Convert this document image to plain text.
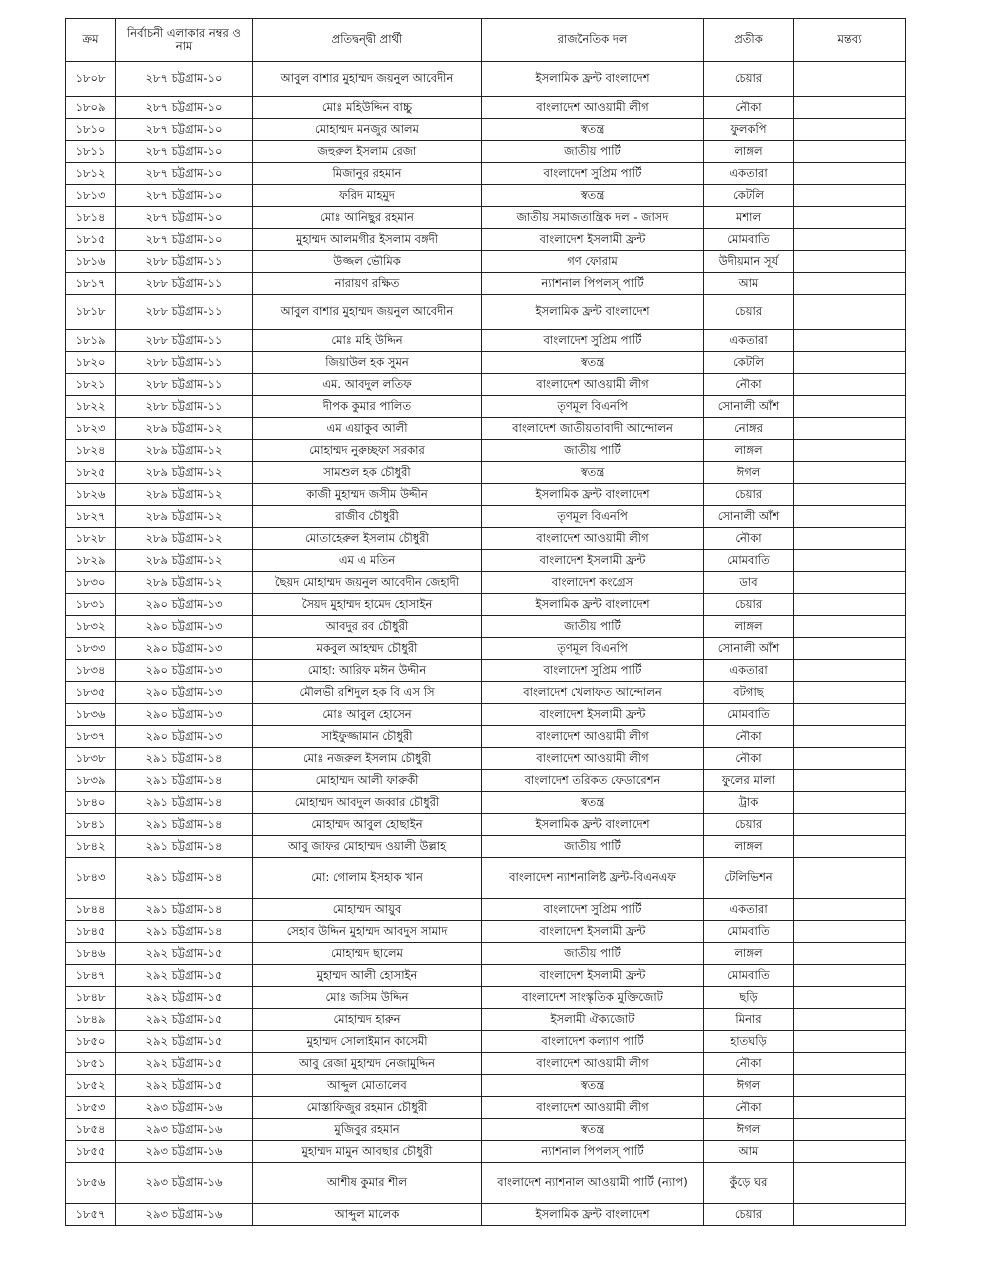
ক্রম	নির্বাচনী এলাকার নম্বর ও নাম	প্রতিদ্বন্দ্বী প্রার্থী	রাজনৈতিক দল	প্রতীক	মন্তব্য
১৮০৮	২৮৭ চট্টগ্রাম-১০	আবুল বাশার মুহাম্মদ জয়নুল আবেদীন	ইসলামিক ফ্রন্ট বাংলাদেশ	চেয়ার	
১৮০৯	২৮৭ চট্টগ্রাম-১০	মোঃ মহিউদ্দিন বাচ্চু	বাংলাদেশ আওয়ামী লীগ	নৌকা	
১৮১০	২৮৭ চট্টগ্রাম-১০	মোহাম্মদ মনজুর আলম	স্বতন্ত্র	ফুলকপি	
১৮১১	২৮৭ চট্টগ্রাম-১০	জহুরুল ইসলাম রেজা	জাতীয় পার্টি	লাঙ্গল	
১৮১২	২৮৭ চট্টগ্রাম-১০	মিজানুর রহমান	বাংলাদেশ সুপ্রিম পার্টি	একতারা	
১৮১৩	২৮৭ চট্টগ্রাম-১০	ফরিদ মাহমুদ	স্বতন্ত্র	কেটলি	
১৮১৪	২৮৭ চট্টগ্রাম-১০	মোঃ আনিছুর রহমান	জাতীয় সমাজতান্ত্রিক দল - জাসদ	মশাল	
১৮১৫	২৮৭ চট্টগ্রাম-১০	মুহাম্মদ আলমগীর ইসলাম বঙ্গদী	বাংলাদেশ ইসলামী ফ্রন্ট	মোমবাতি	
১৮১৬	২৮৮ চট্টগ্রাম-১১	উজ্জল ভৌমিক	গণ ফোরাম	উদীয়মান সূর্য	
১৮১৭	২৮৮ চট্টগ্রাম-১১	নারায়ণ রক্ষিত	ন্যাশনাল পিপলস্ পার্টি	আম	
১৮১৮	২৮৮ চট্টগ্রাম-১১	আবুল বাশার মুহাম্মদ জয়নুল আবেদীন	ইসলামিক ফ্রন্ট বাংলাদেশ	চেয়ার	
১৮১৯	২৮৮ চট্টগ্রাম-১১	মোঃ মহি উদ্দিন	বাংলাদেশ সুপ্রিম পার্টি	একতারা	
১৮২০	২৮৮ চট্টগ্রাম-১১	জিয়াউল হক সুমন	স্বতন্ত্র	কেটলি	
১৮২১	২৮৮ চট্টগ্রাম-১১	এম. আবদুল লতিফ	বাংলাদেশ আওয়ামী লীগ	নৌকা	
১৮২২	২৮৮ চট্টগ্রাম-১১	দীপক কুমার পালিত	তৃণমূল বিএনপি	সোনালী আঁশ	
১৮২৩	২৮৯ চট্টগ্রাম-১২	এম এয়াকুব আলী	বাংলাদেশ জাতীয়তাবাদী আন্দোলন	নোঙ্গর	
১৮২৪	২৮৯ চট্টগ্রাম-১২	মোহাম্মদ নুরুচ্ছফা সরকার	জাতীয় পার্টি	লাঙ্গল	
১৮২৫	২৮৯ চট্টগ্রাম-১২	সামশুল হক চৌধুরী	স্বতন্ত্র	ঈগল	
১৮২৬	২৮৯ চট্টগ্রাম-১২	কাজী মুহাম্মদ জসীম উদ্দীন	ইসলামিক ফ্রন্ট বাংলাদেশ	চেয়ার	
১৮২৭	২৮৯ চট্টগ্রাম-১২	রাজীব চৌধুরী	তৃণমূল বিএনপি	সোনালী আঁশ	
১৮২৮	২৮৯ চট্টগ্রাম-১২	মোতাহেরুল ইসলাম চৌধুরী	বাংলাদেশ আওয়ামী লীগ	নৌকা	
১৮২৯	২৮৯ চট্টগ্রাম-১২	এম এ মতিন	বাংলাদেশ ইসলামী ফ্রন্ট	মোমবাতি	
১৮৩০	২৮৯ চট্টগ্রাম-১২	ছৈয়দ মোহাম্মদ জয়নুল আবেদীন জেহাদী	বাংলাদেশ কংগ্রেস	ডাব	
১৮৩১	২৯০ চট্টগ্রাম-১৩	সৈয়দ মুহাম্মদ হামেদ হোসাইন	ইসলামিক ফ্রন্ট বাংলাদেশ	চেয়ার	
১৮৩২	২৯০ চট্টগ্রাম-১৩	আবদুর রব চৌধুরী	জাতীয় পার্টি	লাঙ্গল	
১৮৩৩	২৯০ চট্টগ্রাম-১৩	মকবুল আহম্মদ চৌধুরী	তৃণমূল বিএনপি	সোনালী আঁশ	
১৮৩৪	২৯০ চট্টগ্রাম-১৩	মোহা: আরিফ মঈন উদ্দীন	বাংলাদেশ সুপ্রিম পার্টি	একতারা	
১৮৩৫	২৯০ চট্টগ্রাম-১৩	মৌলভী রশিদুল হক বি এস সি	বাংলাদেশ খেলাফত আন্দোলন	বটগাছ	
১৮৩৬	২৯০ চট্টগ্রাম-১৩	মোঃ আবুল হোসেন	বাংলাদেশ ইসলামী ফ্রন্ট	মোমবাতি	
১৮৩৭	২৯০ চট্টগ্রাম-১৩	সাইফুজ্জামান চৌধুরী	বাংলাদেশ আওয়ামী লীগ	নৌকা	
১৮৩৮	২৯১ চট্টগ্রাম-১৪	মোঃ নজরুল ইসলাম চৌধুরী	বাংলাদেশ আওয়ামী লীগ	নৌকা	
১৮৩৯	২৯১ চট্টগ্রাম-১৪	মোহাম্মদ আলী ফারুকী	বাংলাদেশ তরিকত ফেডারেশন	ফুলের মালা	
১৮৪০	২৯১ চট্টগ্রাম-১৪	মোহাম্মদ আবদুল জব্বার চৌধুরী	স্বতন্ত্র	ট্রাক	
১৮৪১	২৯১ চট্টগ্রাম-১৪	মোহাম্মদ আবুল হোছাইন	ইসলামিক ফ্রন্ট বাংলাদেশ	চেয়ার	
১৮৪২	২৯১ চট্টগ্রাম-১৪	আবু জাফর মোহাম্মদ ওয়ালী উল্লাহ	জাতীয় পার্টি	লাঙ্গল	
১৮৪৩	২৯১ চট্টগ্রাম-১৪	মো: গোলাম ইসহাক খান	বাংলাদেশ ন্যাশনালিষ্ট ফ্রন্ট-বিএনএফ	টেলিভিশন	
১৮৪৪	২৯১ চট্টগ্রাম-১৪	মোহাম্মদ আয়ুব	বাংলাদেশ সুপ্রিম পার্টি	একতারা	
১৮৪৫	২৯১ চট্টগ্রাম-১৪	সেহাব উদ্দিন মুহাম্মদ আবদুস সামাদ	বাংলাদেশ ইসলামী ফ্রন্ট	মোমবাতি	
১৮৪৬	২৯২ চট্টগ্রাম-১৫	মোহাম্মদ ছালেম	জাতীয় পার্টি	লাঙ্গল	
১৮৪৭	২৯২ চট্টগ্রাম-১৫	মুহাম্মদ আলী হোসাইন	বাংলাদেশ ইসলামী ফ্রন্ট	মোমবাতি	
১৮৪৮	২৯২ চট্টগ্রাম-১৫	মোঃ জসিম উদ্দিন	বাংলাদেশ সাংস্কৃতিক মুক্তিজোট	ছড়ি	
১৮৪৯	২৯২ চট্টগ্রাম-১৫	মোহাম্মদ হারুন	ইসলামী ঐক্যজোট	মিনার	
১৮৫০	২৯২ চট্টগ্রাম-১৫	মুহাম্মদ সোলাইমান কাসেমী	বাংলাদেশ কল্যাণ পার্টি	হাতঘড়ি	
১৮৫১	২৯২ চট্টগ্রাম-১৫	আবু রেজা মুহাম্মদ নেজামুদ্দিন	বাংলাদেশ আওয়ামী লীগ	নৌকা	
১৮৫২	২৯২ চট্টগ্রাম-১৫	আব্দুল মোতালেব	স্বতন্ত্র	ঈগল	
১৮৫৩	২৯৩ চট্টগ্রাম-১৬	মোস্তাফিজুর রহমান চৌধুরী	বাংলাদেশ আওয়ামী লীগ	নৌকা	
১৮৫৪	২৯৩ চট্টগ্রাম-১৬	মুজিবুর রহমান	স্বতন্ত্র	ঈগল	
১৮৫৫	২৯৩ চট্টগ্রাম-১৬	মুহাম্মদ মামুন আবছার চৌধুরী	ন্যাশনাল পিপলস্ পার্টি	আম	
১৮৫৬	২৯৩ চট্টগ্রাম-১৬	আশীষ কুমার শীল	বাংলাদেশ ন্যাশনাল আওয়ামী পার্টি (ন্যাপ)	কুঁড়ে ঘর	
১৮৫৭	২৯৩ চট্টগ্রাম-১৬	আব্দুল মালেক	ইসলামিক ফ্রন্ট বাংলাদেশ	চেয়ার	
